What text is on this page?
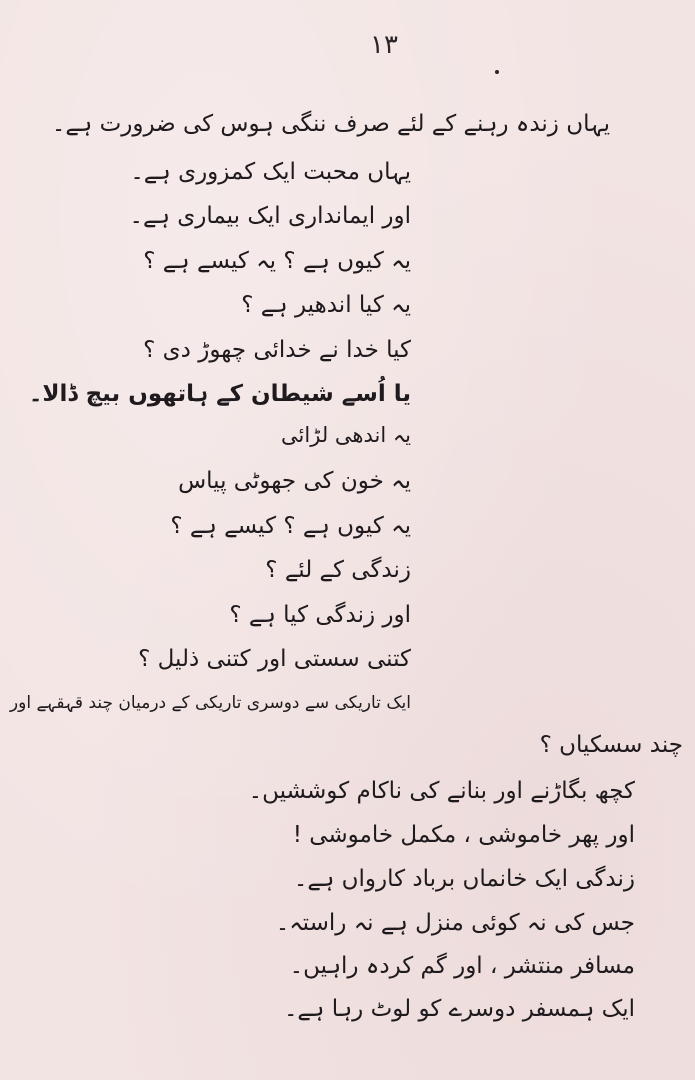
۱۳
یہاں زندہ رہنے کے لئے صرف ننگی ہوس کی ضرورت ہے۔
یہاں محبت ایک کمزوری ہے۔
اور ایمانداری ایک بیماری ہے۔
یہ کیوں ہے ؟ یہ کیسے ہے ؟
یہ کیا اندھیر ہے ؟
کیا خدا نے خدائی چھوڑ دی ؟
یا اُسے شیطان کے ہاتھوں بیچ ڈالا۔
یہ اندھی لڑائی
یہ خون کی جھوٹی پیاس
یہ کیوں ہے ؟ کیسے ہے ؟
زندگی کے لئے ؟
اور زندگی کیا ہے ؟
کتنی سستی اور کتنی ذلیل ؟
ایک تاریکی سے دوسری تاریکی کے درمیان چند قہقہے اور
چند سسکیاں ؟
کچھ بگاڑنے اور بنانے کی ناکام کوششیں۔
اور پھر خاموشی ، مکمل خاموشی !
زندگی ایک خانماں برباد کارواں ہے۔
جس کی نہ کوئی منزل ہے نہ راستہ۔
مسافر منتشر ، اور گم کردہ راہیں۔
ایک ہمسفر دوسرے کو لوٹ رہا ہے۔
